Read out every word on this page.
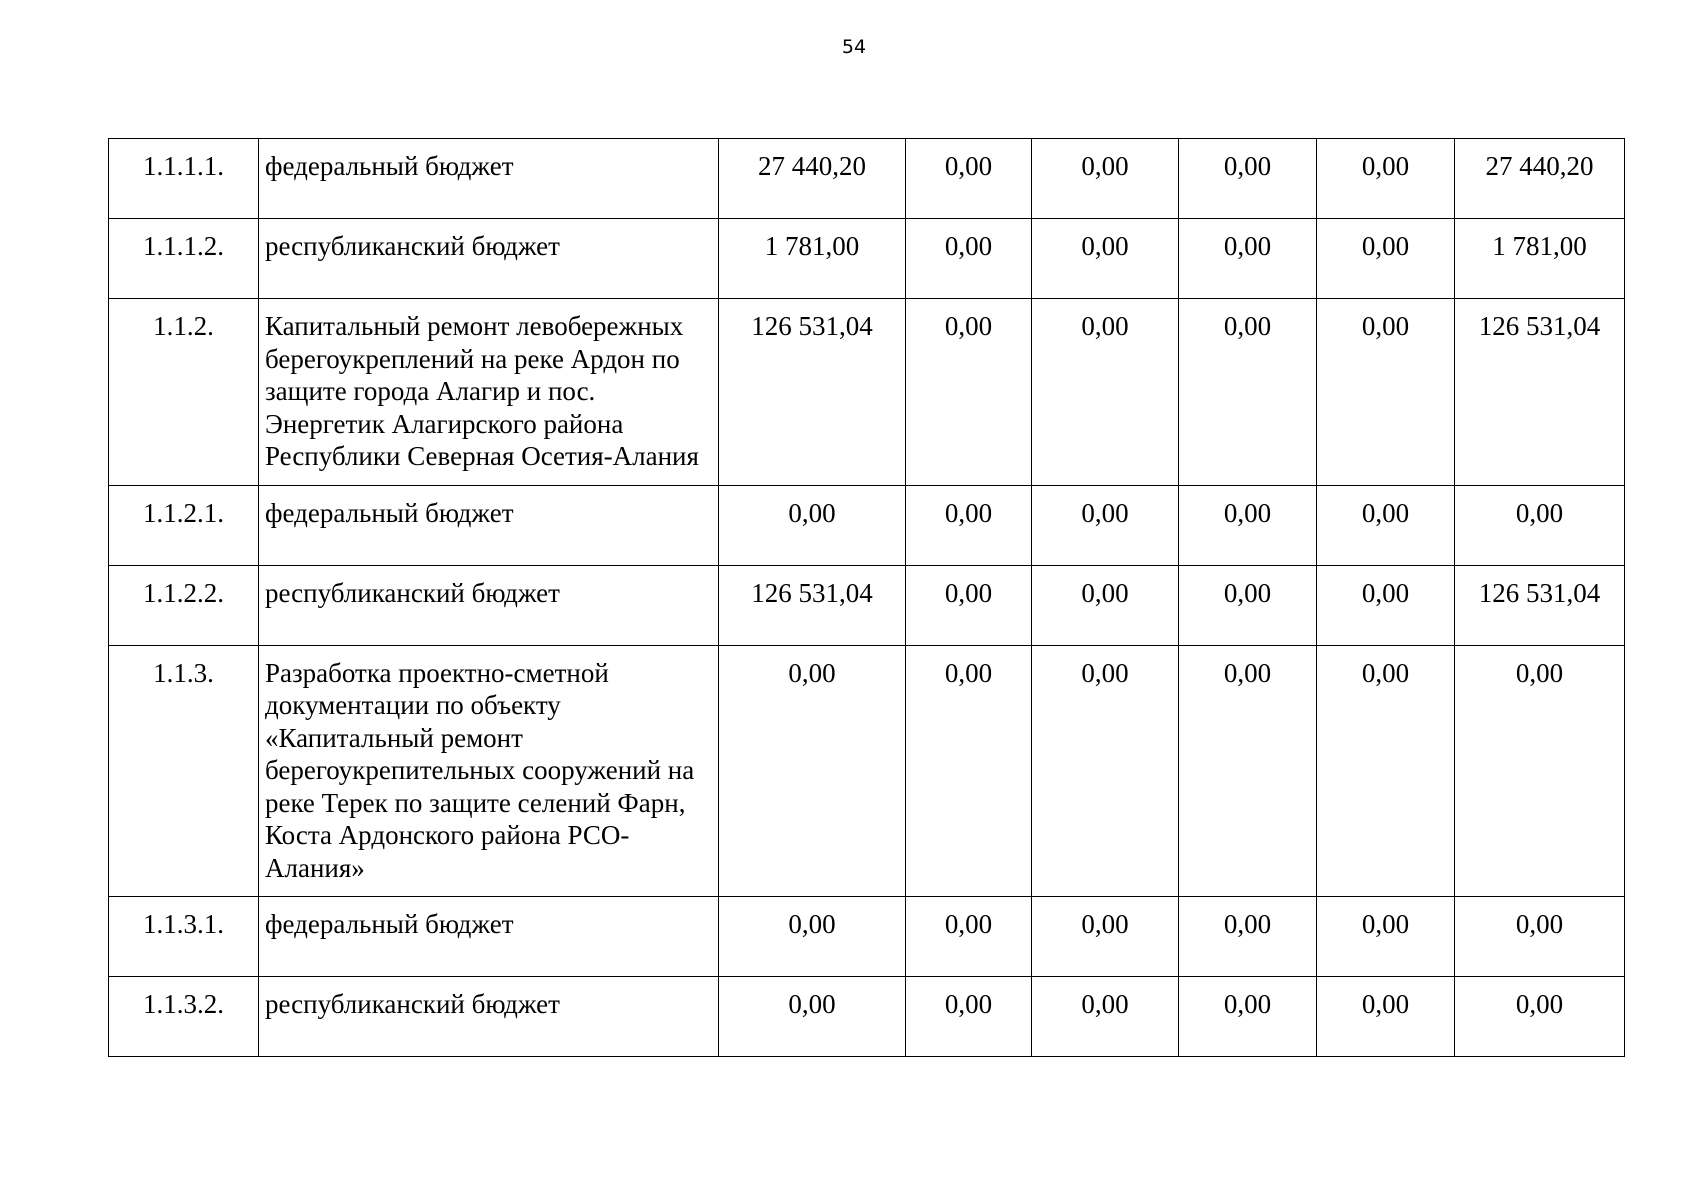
54
1.1.1.1.	федеральный бюджет	27 440,20	0,00	0,00	0,00	0,00	27 440,20
1.1.1.2.	республиканский бюджет	1 781,00	0,00	0,00	0,00	0,00	1 781,00
1.1.2.	Капитальный ремонт левобережных берегоукреплений на реке Ардон по защите города Алагир и пос. Энергетик Алагирского района Республики Северная Осетия-Алания	126 531,04	0,00	0,00	0,00	0,00	126 531,04
1.1.2.1.	федеральный бюджет	0,00	0,00	0,00	0,00	0,00	0,00
1.1.2.2.	республиканский бюджет	126 531,04	0,00	0,00	0,00	0,00	126 531,04
1.1.3.	Разработка проектно-сметной документации по объекту «Капитальный ремонт берегоукрепительных сооружений на реке Терек по защите селений Фарн, Коста Ардонского района РСО-Алания»	0,00	0,00	0,00	0,00	0,00	0,00
1.1.3.1.	федеральный бюджет	0,00	0,00	0,00	0,00	0,00	0,00
1.1.3.2.	республиканский бюджет	0,00	0,00	0,00	0,00	0,00	0,00
